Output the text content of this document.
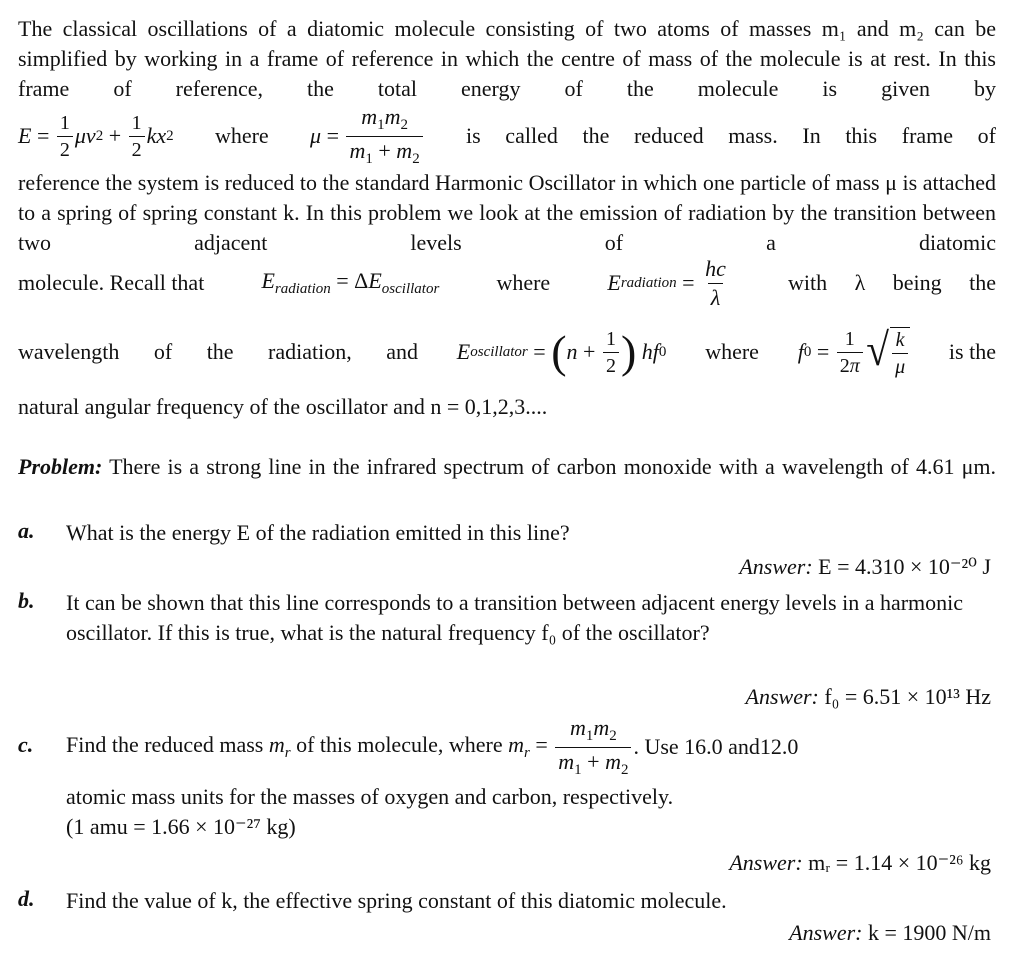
The classical oscillations of a diatomic molecule consisting of two atoms of masses m₁ and m₂ can be simplified by working in a frame of reference in which the centre of mass of the molecule is at rest. In this frame of reference, the total energy of the molecule is given by
$E = \frac{1}{2}$ μv $2 + \frac{1}{2}$ kx 2 where $\mu = \frac{m_1m_2}{m_1 + m_2}$ is called the reduced mass. In this frame of
reference the system is reduced to the standard Harmonic Oscillator in which one particle of mass μ is attached to a spring of spring constant k. In this problem we look at the emission of radiation by the transition between two adjacent levels of a diatomic
molecule. Recall that	$E_{radiation} = \Delta E_{oscillator}$	where	E radiation = $\frac{hc}{\lambda}$	with λ being the
wavelength of the radiation, and E oscillator = ( $n + \frac{1}{2}$ )
hf 0 where f $0 = \frac{1}{2\pi}$ √ $\frac{k}{\mu}$ is the
natural angular frequency of the oscillator and n = 0,1,2,3....
Problem: There is a strong line in the infrared spectrum of carbon monoxide with a wavelength of 4.61 μm.
a. What is the energy E of the radiation emitted in this line?
Answer: E = 4.310 × 10⁻²⁰ J
b. It can be shown that this line corresponds to a transition between adjacent energy levels in a harmonic oscillator. If this is true, what is the natural frequency f₀ of the oscillator?
Answer: f₀ = 6.51 × 10¹³ Hz
c. Find the reduced mass $m_r$ of this molecule, where $m_r = \frac{m_1m_2}{m_1 + m_2}$ . Use 16.0 and12.0
atomic mass units for the masses of oxygen and carbon, respectively.
(1 amu = 1.66 × 10⁻²⁷ kg)
Answer: mᵣ = 1.14 × 10⁻²⁶ kg
d. Find the value of k, the effective spring constant of this diatomic molecule.
Answer: k = 1900 N/m
